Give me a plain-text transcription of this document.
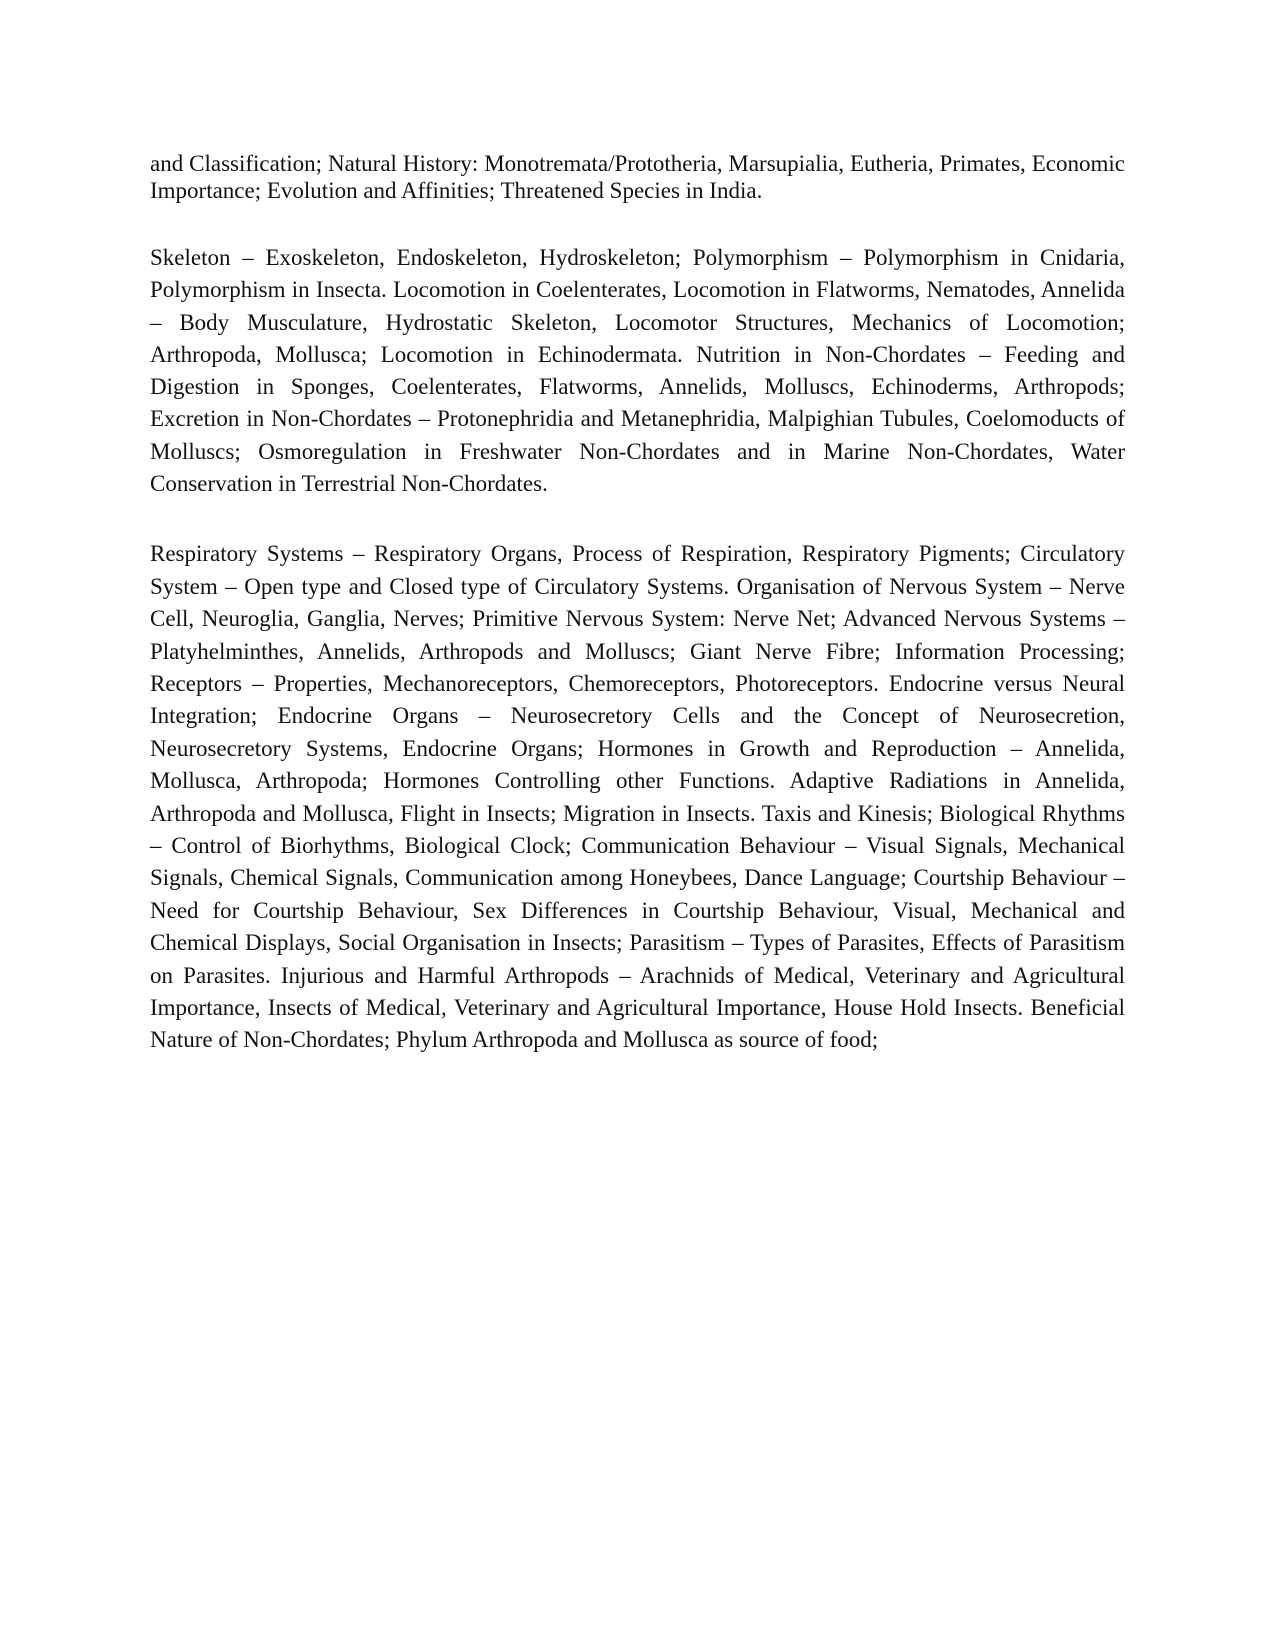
and Classification; Natural History: Monotremata/Prototheria, Marsupialia, Eutheria, Primates, Economic Importance; Evolution and Affinities; Threatened Species in India.

Skeleton – Exoskeleton, Endoskeleton, Hydroskeleton; Polymorphism – Polymorphism in Cnidaria, Polymorphism in Insecta. Locomotion in Coelenterates, Locomotion in Flatworms, Nematodes, Annelida – Body Musculature, Hydrostatic Skeleton, Locomotor Structures, Mechanics of Locomotion; Arthropoda, Mollusca; Locomotion in Echinodermata. Nutrition in Non-Chordates – Feeding and Digestion in Sponges, Coelenterates, Flatworms, Annelids, Molluscs, Echinoderms, Arthropods; Excretion in Non-Chordates – Protonephridia and Metanephridia, Malpighian Tubules, Coelomoducts of Molluscs; Osmoregulation in Freshwater Non-Chordates and in Marine Non-Chordates, Water Conservation in Terrestrial Non-Chordates.

Respiratory Systems – Respiratory Organs, Process of Respiration, Respiratory Pigments; Circulatory System – Open type and Closed type of Circulatory Systems. Organisation of Nervous System – Nerve Cell, Neuroglia, Ganglia, Nerves; Primitive Nervous System: Nerve Net; Advanced Nervous Systems – Platyhelminthes, Annelids, Arthropods and Molluscs; Giant Nerve Fibre; Information Processing; Receptors – Properties, Mechanoreceptors, Chemoreceptors, Photoreceptors. Endocrine versus Neural Integration; Endocrine Organs – Neurosecretory Cells and the Concept of Neurosecretion, Neurosecretory Systems, Endocrine Organs; Hormones in Growth and Reproduction – Annelida, Mollusca, Arthropoda; Hormones Controlling other Functions. Adaptive Radiations in Annelida, Arthropoda and Mollusca, Flight in Insects; Migration in Insects. Taxis and Kinesis; Biological Rhythms – Control of Biorhythms, Biological Clock; Communication Behaviour – Visual Signals, Mechanical Signals, Chemical Signals, Communication among Honeybees, Dance Language; Courtship Behaviour – Need for Courtship Behaviour, Sex Differences in Courtship Behaviour, Visual, Mechanical and Chemical Displays, Social Organisation in Insects; Parasitism – Types of Parasites, Effects of Parasitism on Parasites. Injurious and Harmful Arthropods – Arachnids of Medical, Veterinary and Agricultural Importance, Insects of Medical, Veterinary and Agricultural Importance, House Hold Insects. Beneficial Nature of Non-Chordates; Phylum Arthropoda and Mollusca as source of food;
